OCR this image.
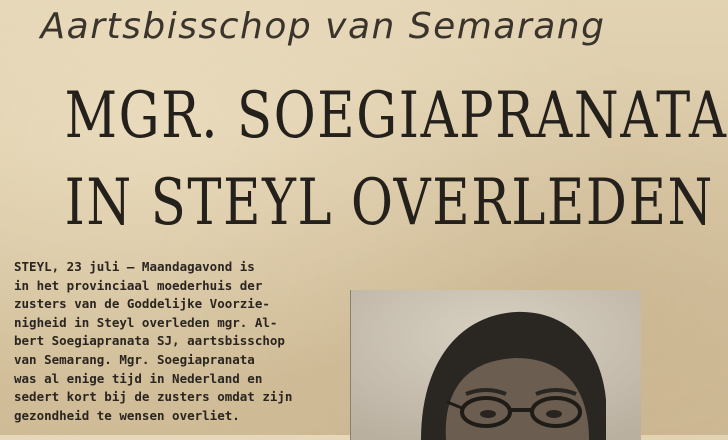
Aartsbisschop van Semarang
MGR. SOEGIAPRANATA
IN STEYL OVERLEDEN
STEYL, 23 juli — Maandagavond is
in het provinciaal moederhuis der
zusters van de Goddelijke Voorzie-
nigheid in Steyl overleden mgr. Al-
bert Soegiapranata SJ, aartsbisschop
van Semarang. Mgr. Soegiapranata
was al enige tijd in Nederland en
sedert kort bij de zusters omdat zijn
gezondheid te wensen overliet.
